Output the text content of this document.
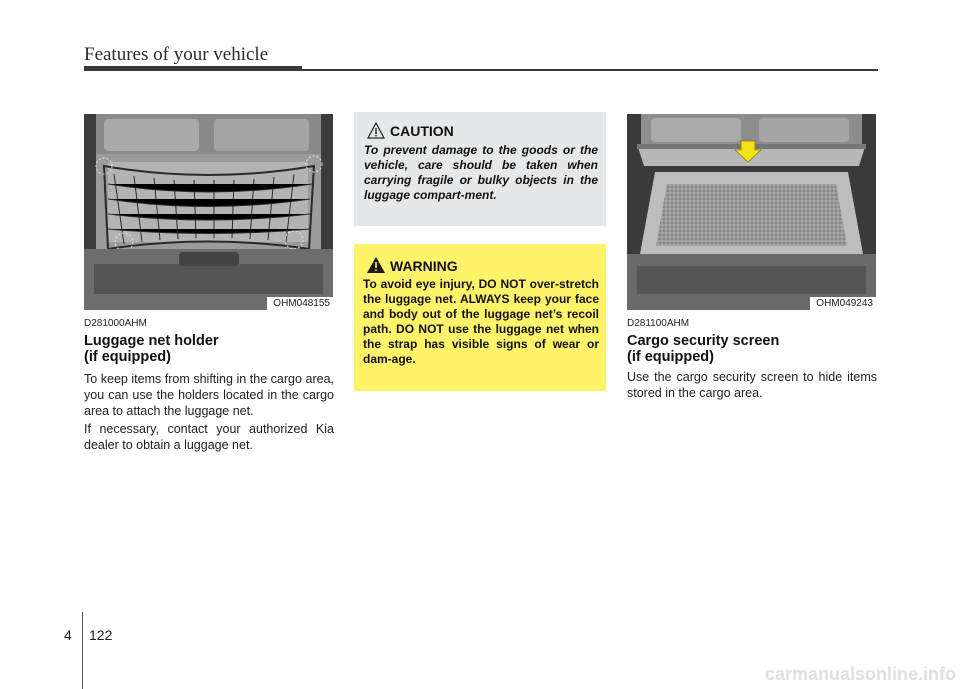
Features of your vehicle
OHM048155
D281000AHM
Luggage net holder
(if equipped)
To keep items from shifting in the cargo area, you can use the holders located in the cargo area to attach the luggage net.
If necessary, contact your authorized Kia dealer to obtain a luggage net.
CAUTION
To prevent damage to the goods or the vehicle, care should be taken when carrying fragile or bulky objects in the luggage compart-ment.
WARNING
To avoid eye injury, DO NOT over-stretch the luggage net. ALWAYS keep your face and body out of the luggage net’s recoil path. DO NOT use the luggage net when the strap has visible signs of wear or dam-age.
OHM049243
D281100AHM
Cargo security screen
(if equipped)
Use the cargo security screen to hide items stored in the cargo area.
4 122
carmanualsonline.info
